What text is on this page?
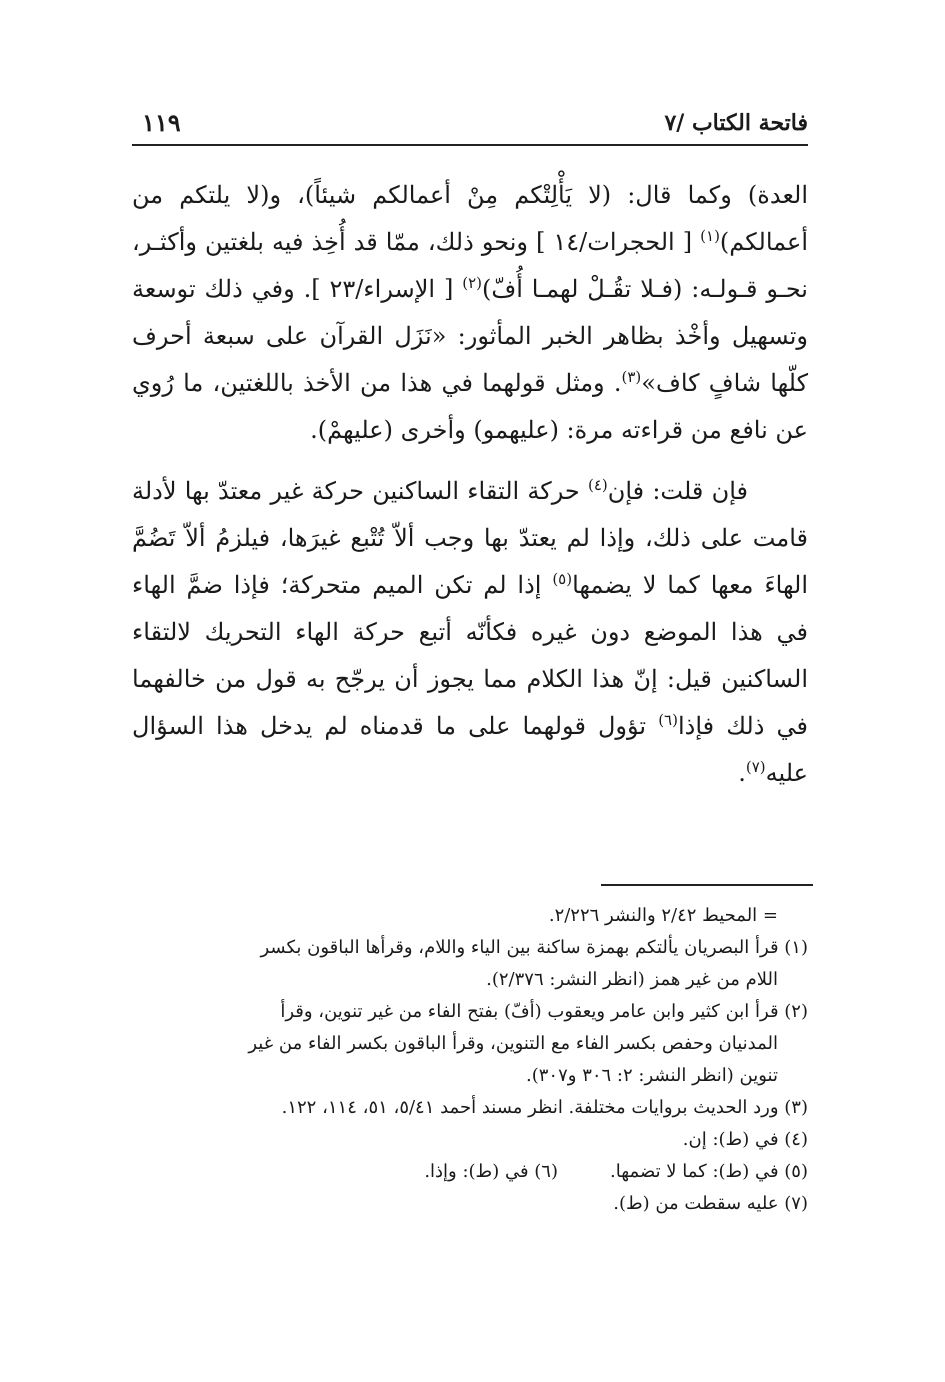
فاتحة الكتاب /٧
١١٩

العدة) وكما قال: (لا يَأْلِتْكم مِنْ أعمالكم شيئاً)، و(لا يلتكم من أعمالكم)$^{(١)}$ [ الحجرات/١٤ ] ونحو ذلك، ممّا قد أُخِذ فيه بلغتين وأكثـر، نحـو قـولـه: (فـلا تقُـلْ لهمـا أُفّ)$^{(٢)}$ [ الإسراء/٢٣ ]. وفي ذلك توسعة وتسهيل وأخْذ بظاهر الخبر المأثور: «نَزَل القرآن على سبعة أحرف كلّها شافٍ كاف»$^{(٣)}$. ومثل قولهما في هذا من الأخذ باللغتين، ما رُوي عن نافع من قراءته مرة: (عليهمو) وأخرى (عليهمْ).

فإن قلت: فإن$^{(٤)}$ حركة التقاء الساكنين حركة غير معتدّ بها لأدلة قامت على ذلك، وإذا لم يعتدّ بها وجب ألاّ تُتْبع غيرَها، فيلزمُ ألاّ تَضُمَّ الهاءَ معها كما لا يضمها$^{(٥)}$ إذا لم تكن الميم متحركة؛ فإذا ضمَّ الهاء في هذا الموضع دون غيره فكأنّه أتبع حركة الهاء التحريك لالتقاء الساكنين قيل: إنّ هذا الكلام مما يجوز أن يرجّح به قول من خالفهما في ذلك فإذا$^{(٦)}$ تؤول قولهما على ما قدمناه لم يدخل هذا السؤال عليه$^{(٧)}$.

= المحيط ٢/٤٢ والنشر ٢/٢٢٦.
(١) قرأ البصريان يألتكم بهمزة ساكنة بين الياء واللام، وقرأها الباقون بكسر
اللام من غير همز (انظر النشر: ٢/٣٧٦).
(٢) قرأ ابن كثير وابن عامر ويعقوب (أفّ) بفتح الفاء من غير تنوين، وقرأ
المدنيان وحفص بكسر الفاء مع التنوين، وقرأ الباقون بكسر الفاء من غير
تنوين (انظر النشر: ٢: ٣٠٦ و٣٠٧).
(٣) ورد الحديث بروايات مختلفة. انظر مسند أحمد ٥/٤١، ٥١، ١١٤، ١٢٢.
(٤) في (ط): إن.
(٥) في (ط): كما لا تضمها.
(٦) في (ط): وإذا.
(٧) عليه سقطت من (ط).
